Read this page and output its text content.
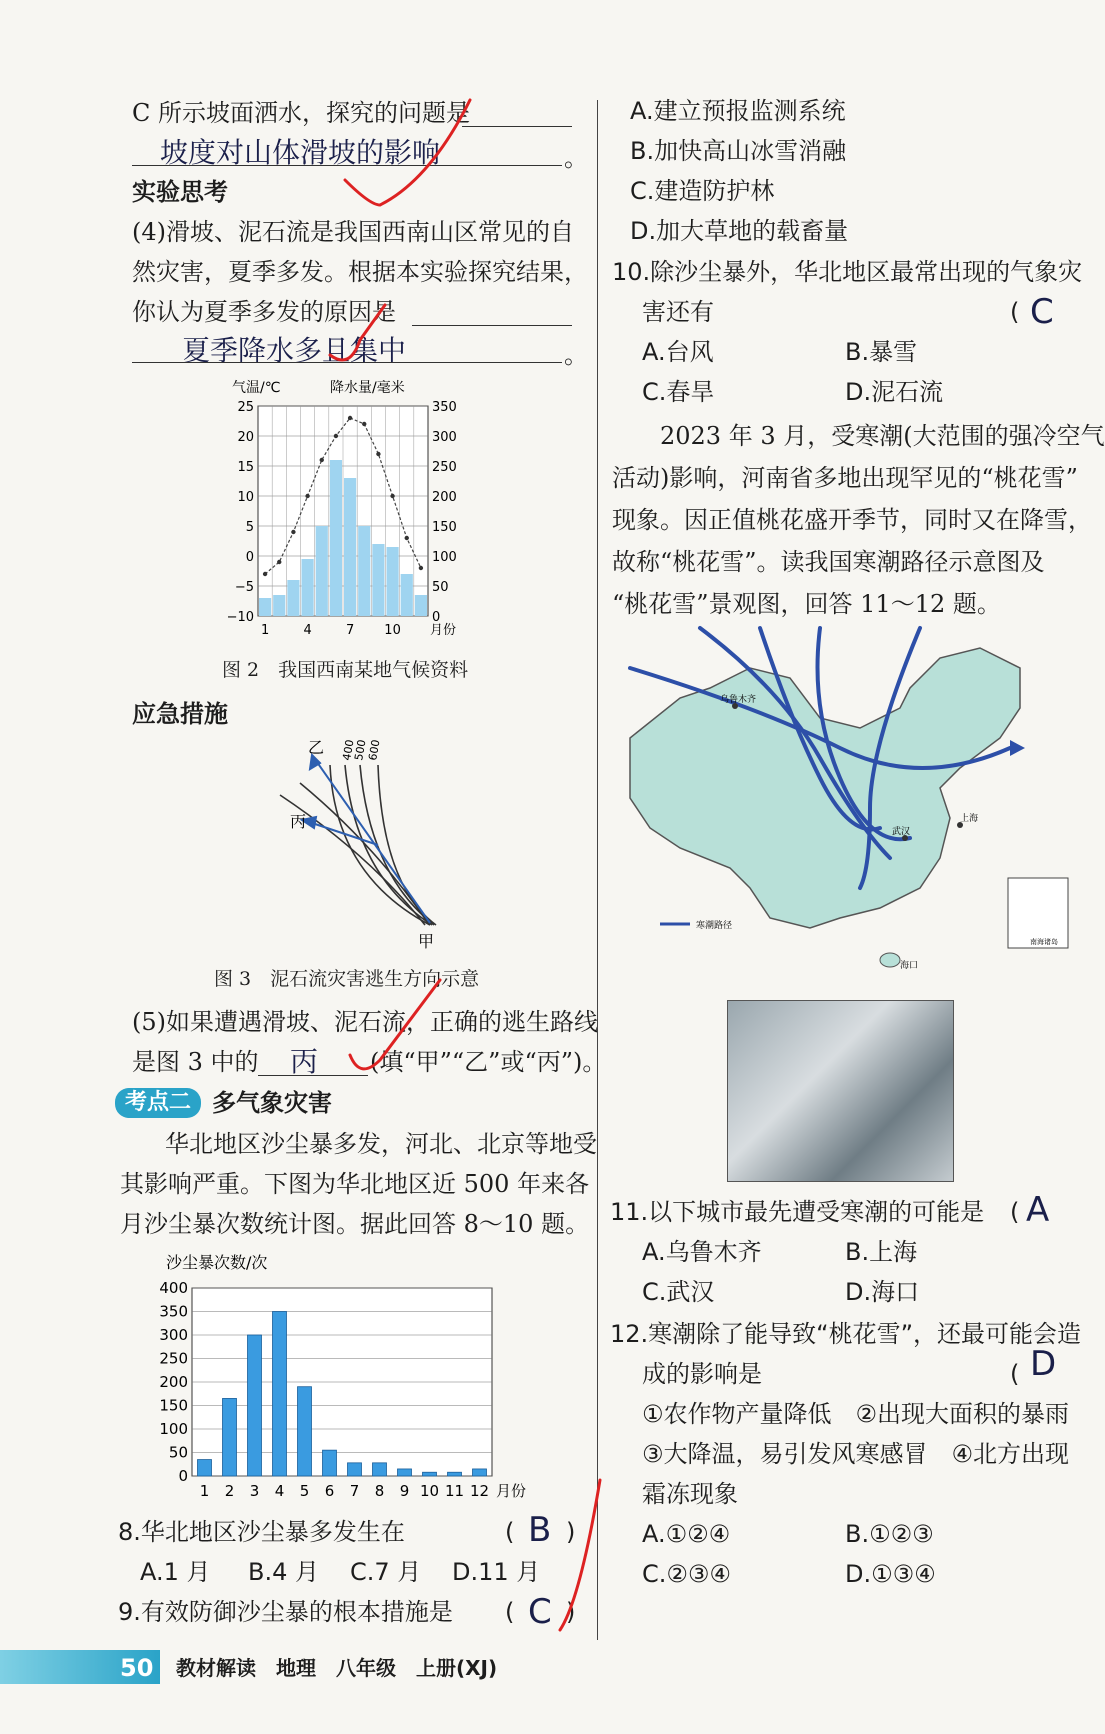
C 所示坡面洒水，探究的问题是
坡度对山体滑坡的影响	。
实验思考
(4)滑坡、泥石流是我国西南山区常见的自
然灾害，夏季多发。根据本实验探究结果，
你认为夏季多发的原因是
夏季降水多且集中	。
气温/℃	降水量/毫米
25	350
20	300
15	250
10	200
5	150
0	100
−5	50
−10	0
1	4	7 10 月份
图 2　我国西南某地气候资料
应急措施
乙
丙
甲
400
500
600
图 3　泥石流灾害逃生方向示意
(5)如果遭遇滑坡、泥石流，正确的逃生路线
是图 3 中的 丙 (填“甲”“乙”或“丙”)。
考点二 多气象灾害
华北地区沙尘暴多发，河北、北京等地受
其影响严重。下图为华北地区近 500 年来各
月沙尘暴次数统计图。据此回答 8～10 题。
沙尘暴次数/次
400
350
300
250
200
150
100
50
0
1 2 3 4 5 6 7 8 9 10 11 12 月份
8.华北地区沙尘暴多发生在	( B )
A.1 月 B.4 月 C.7 月 D.11 月
9.有效防御沙尘暴的根本措施是 ( C )
50 教材解读　地理　八年级　上册(XJ)
A.建立预报监测系统
B.加快高山冰雪消融
C.建造防护林
D.加大草地的载畜量
10.除沙尘暴外，华北地区最常出现的气象灾
害还有	( C
A.台风	B.暴雪
C.春旱	D.泥石流
2023 年 3 月，受寒潮(大范围的强冷空气
活动)影响，河南省多地出现罕见的“桃花雪”
现象。因正值桃花盛开季节，同时又在降雪，
故称“桃花雪”。读我国寒潮路径示意图及
“桃花雪”景观图，回答 11～12 题。
乌鲁木齐
武汉
上海
海口
寒潮路径
南海诸岛
11.以下城市最先遭受寒潮的可能是 ( A
A.乌鲁木齐	B.上海
C.武汉	D.海口
12.寒潮除了能导致“桃花雪”，还最可能会造
成的影响是	( D
①农作物产量降低　②出现大面积的暴雨
③大降温，易引发风寒感冒　④北方出现
霜冻现象
A.①②④	B.①②③
C.②③④	D.①③④
